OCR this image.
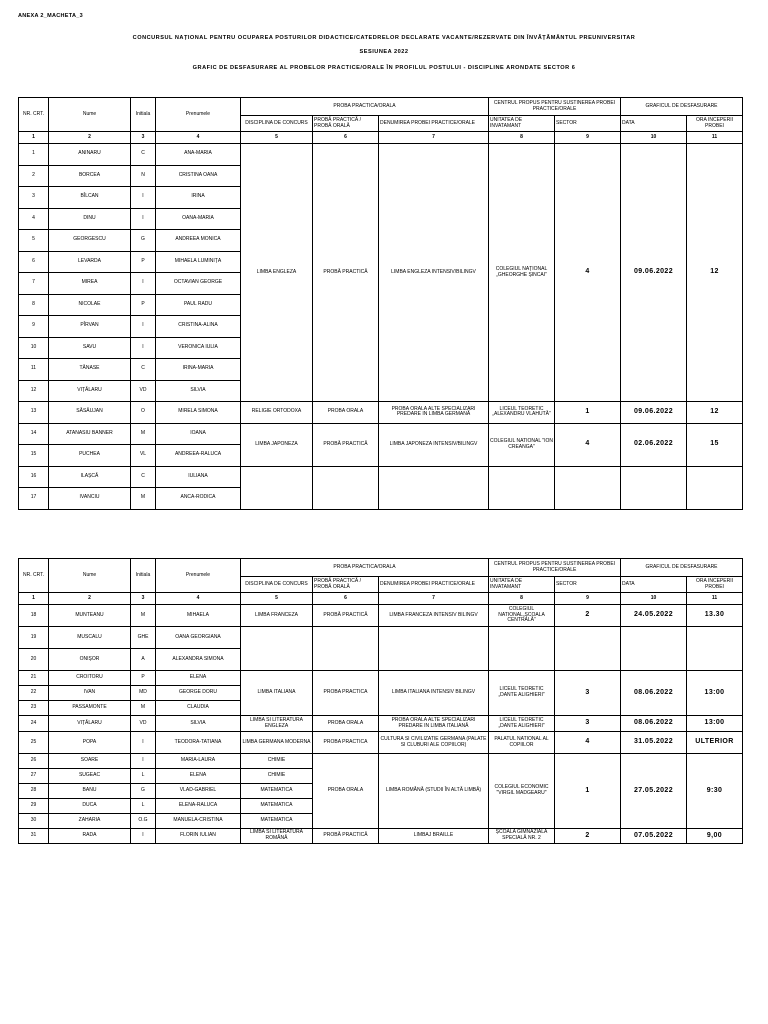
ANEXA 2_MACHETA_3
CONCURSUL NAȚIONAL PENTRU OCUPAREA POSTURILOR DIDACTICE/CATEDRELOR DECLARATE VACANTE/REZERVATE DIN ÎNVĂȚĂMÂNTUL PREUNIVERSITAR
SESIUNEA 2022
GRAFIC DE DESFASURARE AL PROBELOR PRACTICE/ORALE ÎN PROFILUL POSTULUI - DISCIPLINE ARONDATE SECTOR 6
NR. CRT.	Nume	Initiala	Prenumele	PROBA PRACTICA/ORALA			CENTRUL PROPUS PENTRU SUSTINEREA PROBEI PRACTICE/ORALE		GRAFICUL DE DESFASURARE	
				DISCIPLINA DE CONCURS	PROBĂ PRACTICĂ / PROBĂ ORALĂ	DENUMIREA PROBEI PRACTICE/ORALE	UNITATEA DE INVATAMANT	SECTOR	DATA	ORA INCEPERII PROBEI
1	2	3	4	5	6	7	8	9	10	11
1	ANINARU	C	ANA-MARIA	LIMBA ENGLEZA	PROBĂ PRACTICĂ	LIMBA ENGLEZA INTENSIV/BILINGV	COLEGIUL NAȚIONAL „GHEORGHE ȘINCAI”	4	09.06.2022	12
2	BORCEA	N	CRISTINA OANA							
3	BÎLCAN	I	IRINA							
4	DINU	I	OANA-MARIA							
5	GEORGESCU	G	ANDREEA MONICA							
6	LEVARDA	P	MIHAELA LUMINIȚA							
7	MIREA	I	OCTAVIAN GEORGE							
8	NICOLAE	P	PAUL RADU							
9	PÎRVAN	I	CRISTINA-ALINA							
10	SAVU	I	VERONICA IULIA							
11	TĂNASE	C	IRINA-MARIA							
12	VIȚĂLARU	VD	SILVIA							
13	SĂSĂUJAN	O	MIRELA SIMONA	RELIGIE ORTODOXA	PROBA ORALA	PROBA ORALA ALTE SPECIALIZARI PREDARE IN LIMBA GERMANĂ	LICEUL TEORETIC „ALEXANDRU VLAHUTĂ”	1	09.06.2022	12
14	ATANASIU BANNER	M	IOANA	LIMBA JAPONEZA	PROBĂ PRACTICĂ	LIMBA JAPONEZA INTENSIV/BILINGV	COLEGIUL NATIONAL "ION CREANGA"	4	02.06.2022	15
15	PUCHEA	VL	ANDREEA-RALUCA							
16	ILAȘCĂ	C	IULIANA							
17	IVANCIU	M	ANCA-RODICA							
NR. CRT.	Nume	Initiala	Prenumele	PROBA PRACTICA/ORALA			CENTRUL PROPUS PENTRU SUSTINEREA PROBEI PRACTICE/ORALE		GRAFICUL DE DESFASURARE	
				DISCIPLINA DE CONCURS	PROBĂ PRACTICĂ / PROBĂ ORALĂ	DENUMIREA PROBEI PRACTICE/ORALE	UNITATEA DE INVATAMANT	SECTOR	DATA	ORA INCEPERII PROBEI
1	2	3	4	5	6	7	8	9	10	11
18	MUNTEANU	M	MIHAELA	LIMBA FRANCEZA	PROBĂ PRACTICĂ	LIMBA FRANCEZA INTENSIV BILINGV	COLEGIUL NATIONAL„ȘCOALA CENTRALĂ”	2	24.05.2022	13.30
19	MUSCALU	GHE	OANA GEORGIANA							
20	ONIȘOR	A	ALEXANDRA SIMONA							
21	CROITORU	P	ELENA	LIMBA ITALIANA	PROBA PRACTICA	LIMBA ITALIANA INTENSIV BILINGV	LICEUL TEORETIC „DANTE ALIGHIERI”	3	08.06.2022	13:00
22	IVAN	MD	GEORGE DORU							
23	PASSAMONTE	M	CLAUDIA							
24	VIȚĂLARU	VD	SILVIA	LIMBA SI LITERATURA ENGLEZA	PROBA ORALA	PROBA ORALA ALTE SPECIALIZARI PREDARE IN LIMBA ITALIANĂ	LICEUL TEORETIC „DANTE ALIGHIERI”	3	08.06.2022	13:00
25	POPA	I	TEODORA-TATIANA	LIMBA GERMANA MODERNA	PROBA PRACTICA	CULTURA SI CIVILIZATIE GERMANA (PALATE SI CLUBURI ALE COPIILOR)	PALATUL NATIONAL AL COPIILOR	4	31.05.2022	ULTERIOR
26	SOARE	I	MARIA-LAURA	CHIMIE	PROBA ORALA	LIMBA ROMÂNĂ (STUDII ÎN ALTĂ LIMBĂ)	COLEGIUL ECONOMIC "VIRGIL MADGEARU"	1	27.05.2022	9:30
27	SUGEAC	L	ELENA	CHIMIE						
28	BANU	G	VLAD-GABRIEL	MATEMATICA						
29	DUCA	L	ELENA-RALUCA	MATEMATICA						
30	ZAHARIA	O.G	MANUELA-CRISTINA	MATEMATICA						
31	RADA	I	FLORIN IULIAN	LIMBA SI LITERATURA ROMÂNĂ	PROBĂ PRACTICĂ	LIMBAJ BRAILLE	ȘCOALA GIMNAZIALĂ SPECIALĂ NR. 2	2	07.05.2022	9,00
